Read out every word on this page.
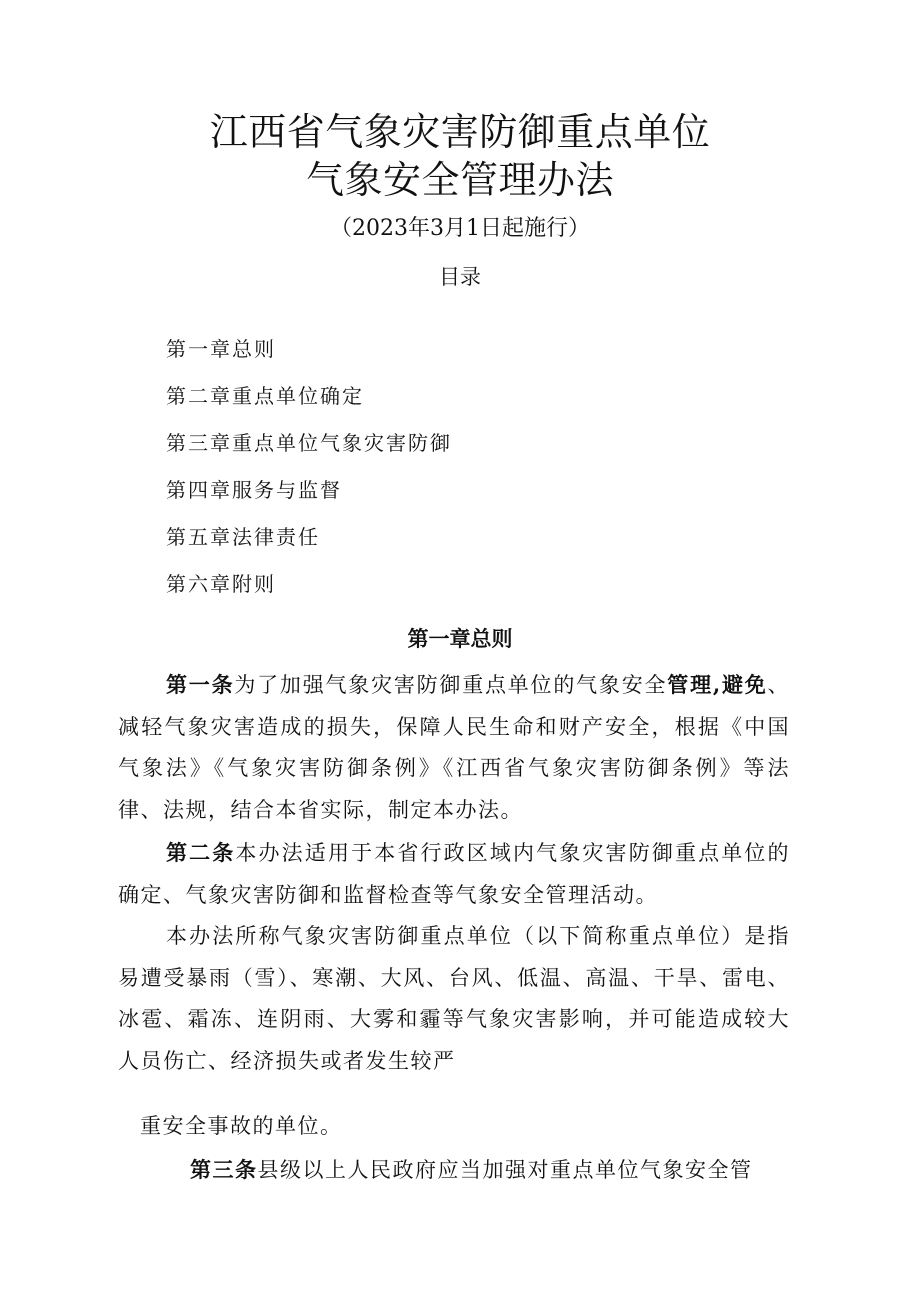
江西省气象灾害防御重点单位
气象安全管理办法
（2023年3月1日起施行）
目录
第一章总则
第二章重点单位确定
第三章重点单位气象灾害防御
第四章服务与监督
第五章法律责任
第六章附则
第一章总则

第一条为了加强气象灾害防御重点单位的气象安全管理,避免、减轻气象灾害造成的损失，保障人民生命和财产安全，根据《中国气象法》《气象灾害防御条例》《江西省气象灾害防御条例》等法律、法规，结合本省实际，制定本办法。

第二条本办法适用于本省行政区域内气象灾害防御重点单位的确定、气象灾害防御和监督检查等气象安全管理活动。

本办法所称气象灾害防御重点单位（以下简称重点单位）是指易遭受暴雨（雪）、寒潮、大风、台风、低温、高温、干旱、雷电、冰雹、霜冻、连阴雨、大雾和霾等气象灾害影响，并可能造成较大人员伤亡、经济损失或者发生较严

重安全事故的单位。
第三条县级以上人民政府应当加强对重点单位气象安全管
